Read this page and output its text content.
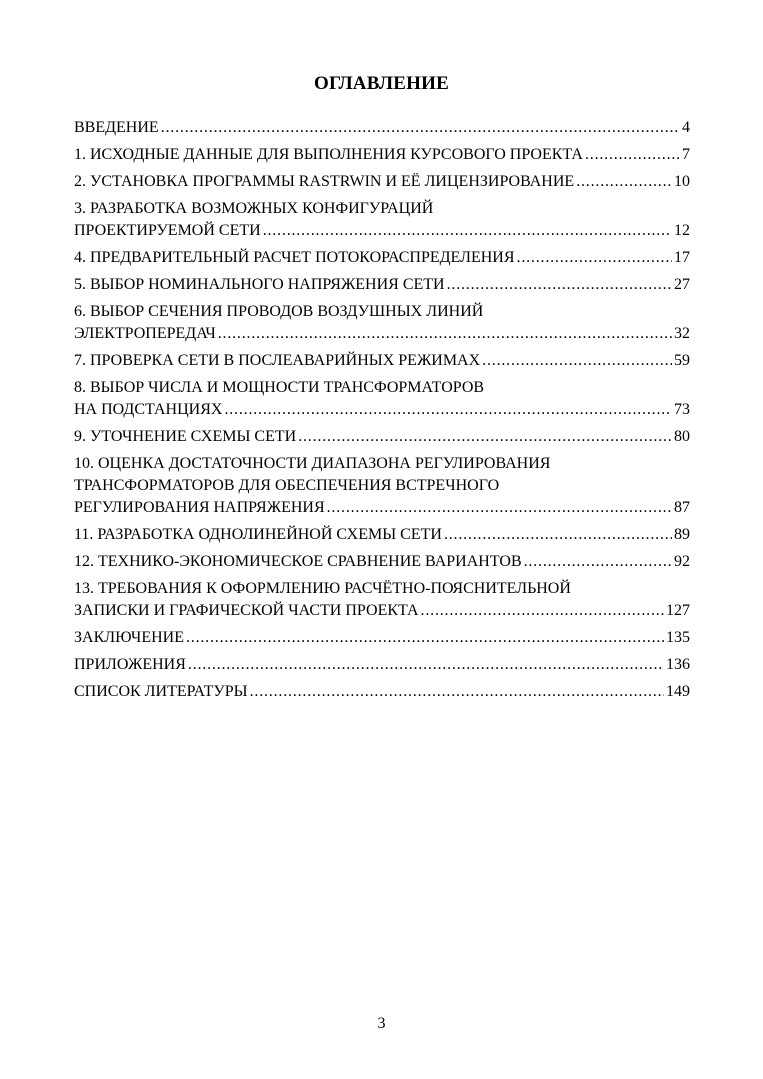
ОГЛАВЛЕНИЕ
ВВЕДЕНИЕ . . .	4
1. ИСХОДНЫЕ ДАННЫЕ ДЛЯ ВЫПОЛНЕНИЯ КУРСОВОГО ПРОЕКТА . . .	7
2. УСТАНОВКА ПРОГРАММЫ RASTRWIN И ЕЁ ЛИЦЕНЗИРОВАНИЕ . . .	10
3. РАЗРАБОТКА ВОЗМОЖНЫХ КОНФИГУРАЦИЙ
ПРОЕКТИРУЕМОЙ СЕТИ . . .	12
4. ПРЕДВАРИТЕЛЬНЫЙ РАСЧЕТ ПОТОКОРАСПРЕДЕЛЕНИЯ . . .	17
5. ВЫБОР НОМИНАЛЬНОГО НАПРЯЖЕНИЯ СЕТИ . . .	27
6. ВЫБОР СЕЧЕНИЯ ПРОВОДОВ ВОЗДУШНЫХ ЛИНИЙ
ЭЛЕКТРОПЕРЕДАЧ . . .	32
7. ПРОВЕРКА СЕТИ В ПОСЛЕАВАРИЙНЫХ РЕЖИМАХ . . .	59
8. ВЫБОР ЧИСЛА И МОЩНОСТИ ТРАНСФОРМАТОРОВ
НА ПОДСТАНЦИЯХ . . .	73
9. УТОЧНЕНИЕ СХЕМЫ СЕТИ . . .	80
10. ОЦЕНКА ДОСТАТОЧНОСТИ ДИАПАЗОНА РЕГУЛИРОВАНИЯ
ТРАНСФОРМАТОРОВ ДЛЯ ОБЕСПЕЧЕНИЯ ВСТРЕЧНОГО
РЕГУЛИРОВАНИЯ НАПРЯЖЕНИЯ . . .	87
11. РАЗРАБОТКА ОДНОЛИНЕЙНОЙ СХЕМЫ СЕТИ . . .	89
12. ТЕХНИКО-ЭКОНОМИЧЕСКОЕ СРАВНЕНИЕ ВАРИАНТОВ . . .	92
13. ТРЕБОВАНИЯ К ОФОРМЛЕНИЮ РАСЧЁТНО-ПОЯСНИТЕЛЬНОЙ
ЗАПИСКИ И ГРАФИЧЕСКОЙ ЧАСТИ ПРОЕКТА . . .	127
ЗАКЛЮЧЕНИЕ . . .	135
ПРИЛОЖЕНИЯ . . .	136
СПИСОК ЛИТЕРАТУРЫ . . .	149
3
